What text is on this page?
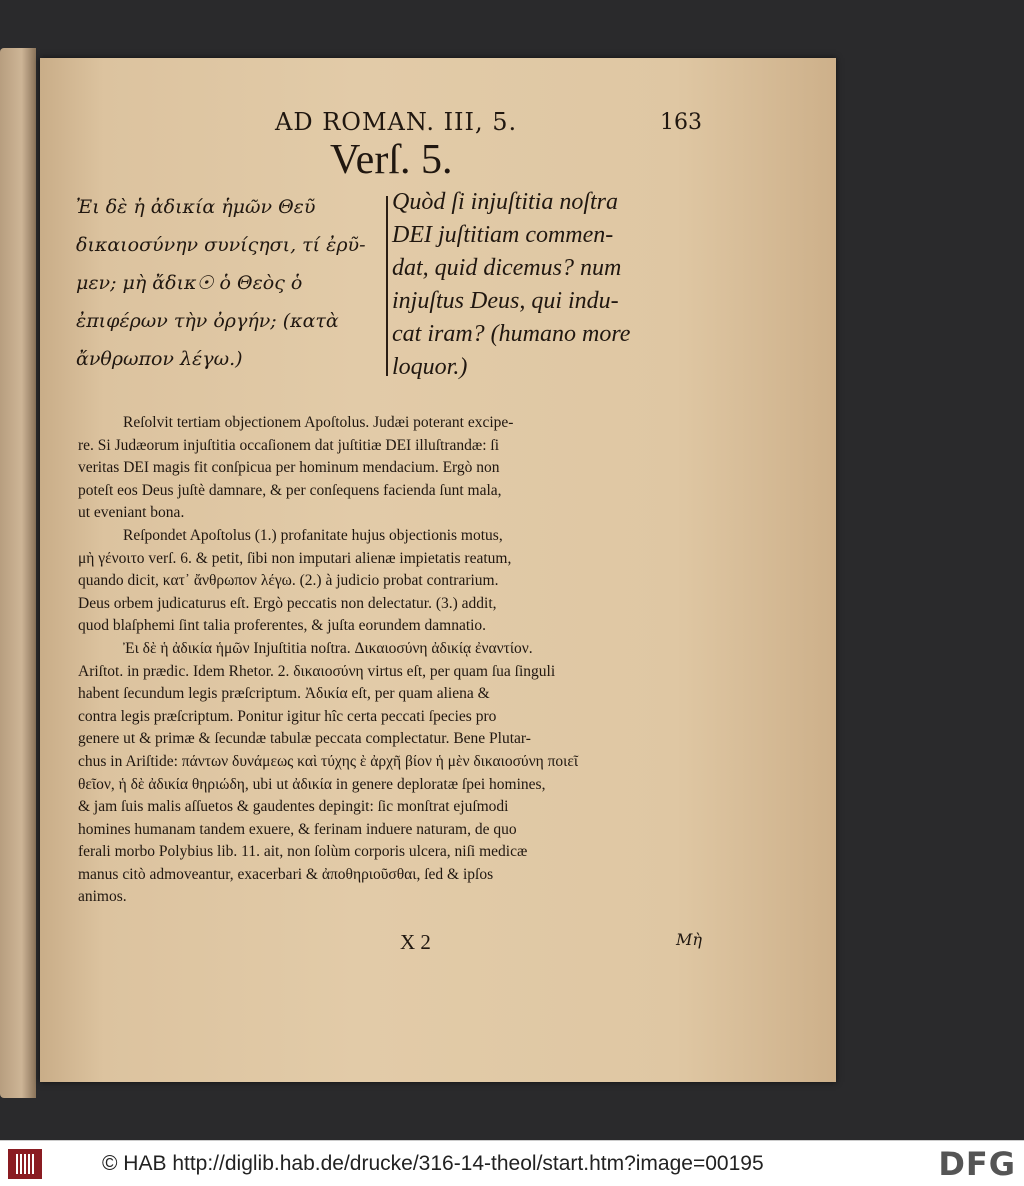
AD ROMAN. III, 5.	163
Verſ. 5.
Ἐι δὲ ἡ ἀδικία ἡμῶν Θεῦ
δικαιοσύνην συνίςησι, τί ἐρῦ-
μεν; μὴ ἄδικ☉ ὁ Θεὸς ὁ
ἐπιφέρων τὴν ὀργήν; (κατὰ
ἄνθρωπον λέγω.)
Quòd ſi injuſtitia noſtra
DEI juſtitiam commen-
dat, quid dicemus? num
injuſtus Deus, qui indu-
cat iram? (humano more
loquor.)
Reſolvit tertiam objectionem Apoſtolus. Judæi poterant excipe-
re. Si Judæorum injuſtitia occaſionem dat juſtitiæ DEI illuſtrandæ: ſi
veritas DEI magis fit conſpicua per hominum mendacium. Ergò non
poteſt eos Deus juſtè damnare, & per conſequens facienda ſunt mala,
ut eveniant bona.
Reſpondet Apoſtolus (1.) profanitate hujus objectionis motus,
μὴ γένοιτο verſ. 6. & petit, ſibi non imputari alienæ impietatis reatum,
quando dicit, κατ᾽ ἄνθρωπον λέγω. (2.) à judicio probat contrarium.
Deus orbem judicaturus eſt. Ergò peccatis non delectatur. (3.) addit,
quod blaſphemi ſint talia proferentes, & juſta eorundem damnatio.
Ἐι δὲ ἡ ἀδικία ἡμῶν Injuſtitia noſtra. Δικαιοσύνη ἀδικίᾳ ἐναντίον.
Ariſtot. in prædic. Idem Rhetor. 2. δικαιοσύνη virtus eſt, per quam ſua ſinguli
habent ſecundum legis præſcriptum. Ἀδικία eſt, per quam aliena &
contra legis præſcriptum. Ponitur igitur hîc certa peccati ſpecies pro
genere ut & primæ & ſecundæ tabulæ peccata complectatur. Bene Plutar-
chus in Ariſtide: πάντων δυνάμεως καὶ τύχης ὲ ἀρχῆ βίον ἡ μὲν δικαιοσύνη ποιεῖ
θεῖον, ἡ δὲ ἀδικία θηριώδη, ubi ut ἀδικία in genere deploratæ ſpei homines,
& jam ſuis malis aſſuetos & gaudentes depingit: ſic monſtrat ejuſmodi
homines humanam tandem exuere, & ferinam induere naturam, de quo
ferali morbo Polybius lib. 11. ait, non ſolùm corporis ulcera, niſi medicæ
manus citò admoveantur, exacerbari & ἀποθηριοῦσθαι, ſed & ipſos
animos.
X 2	Μὴ
© HAB http://diglib.hab.de/drucke/316-14-theol/start.htm?image=00195	DFG
